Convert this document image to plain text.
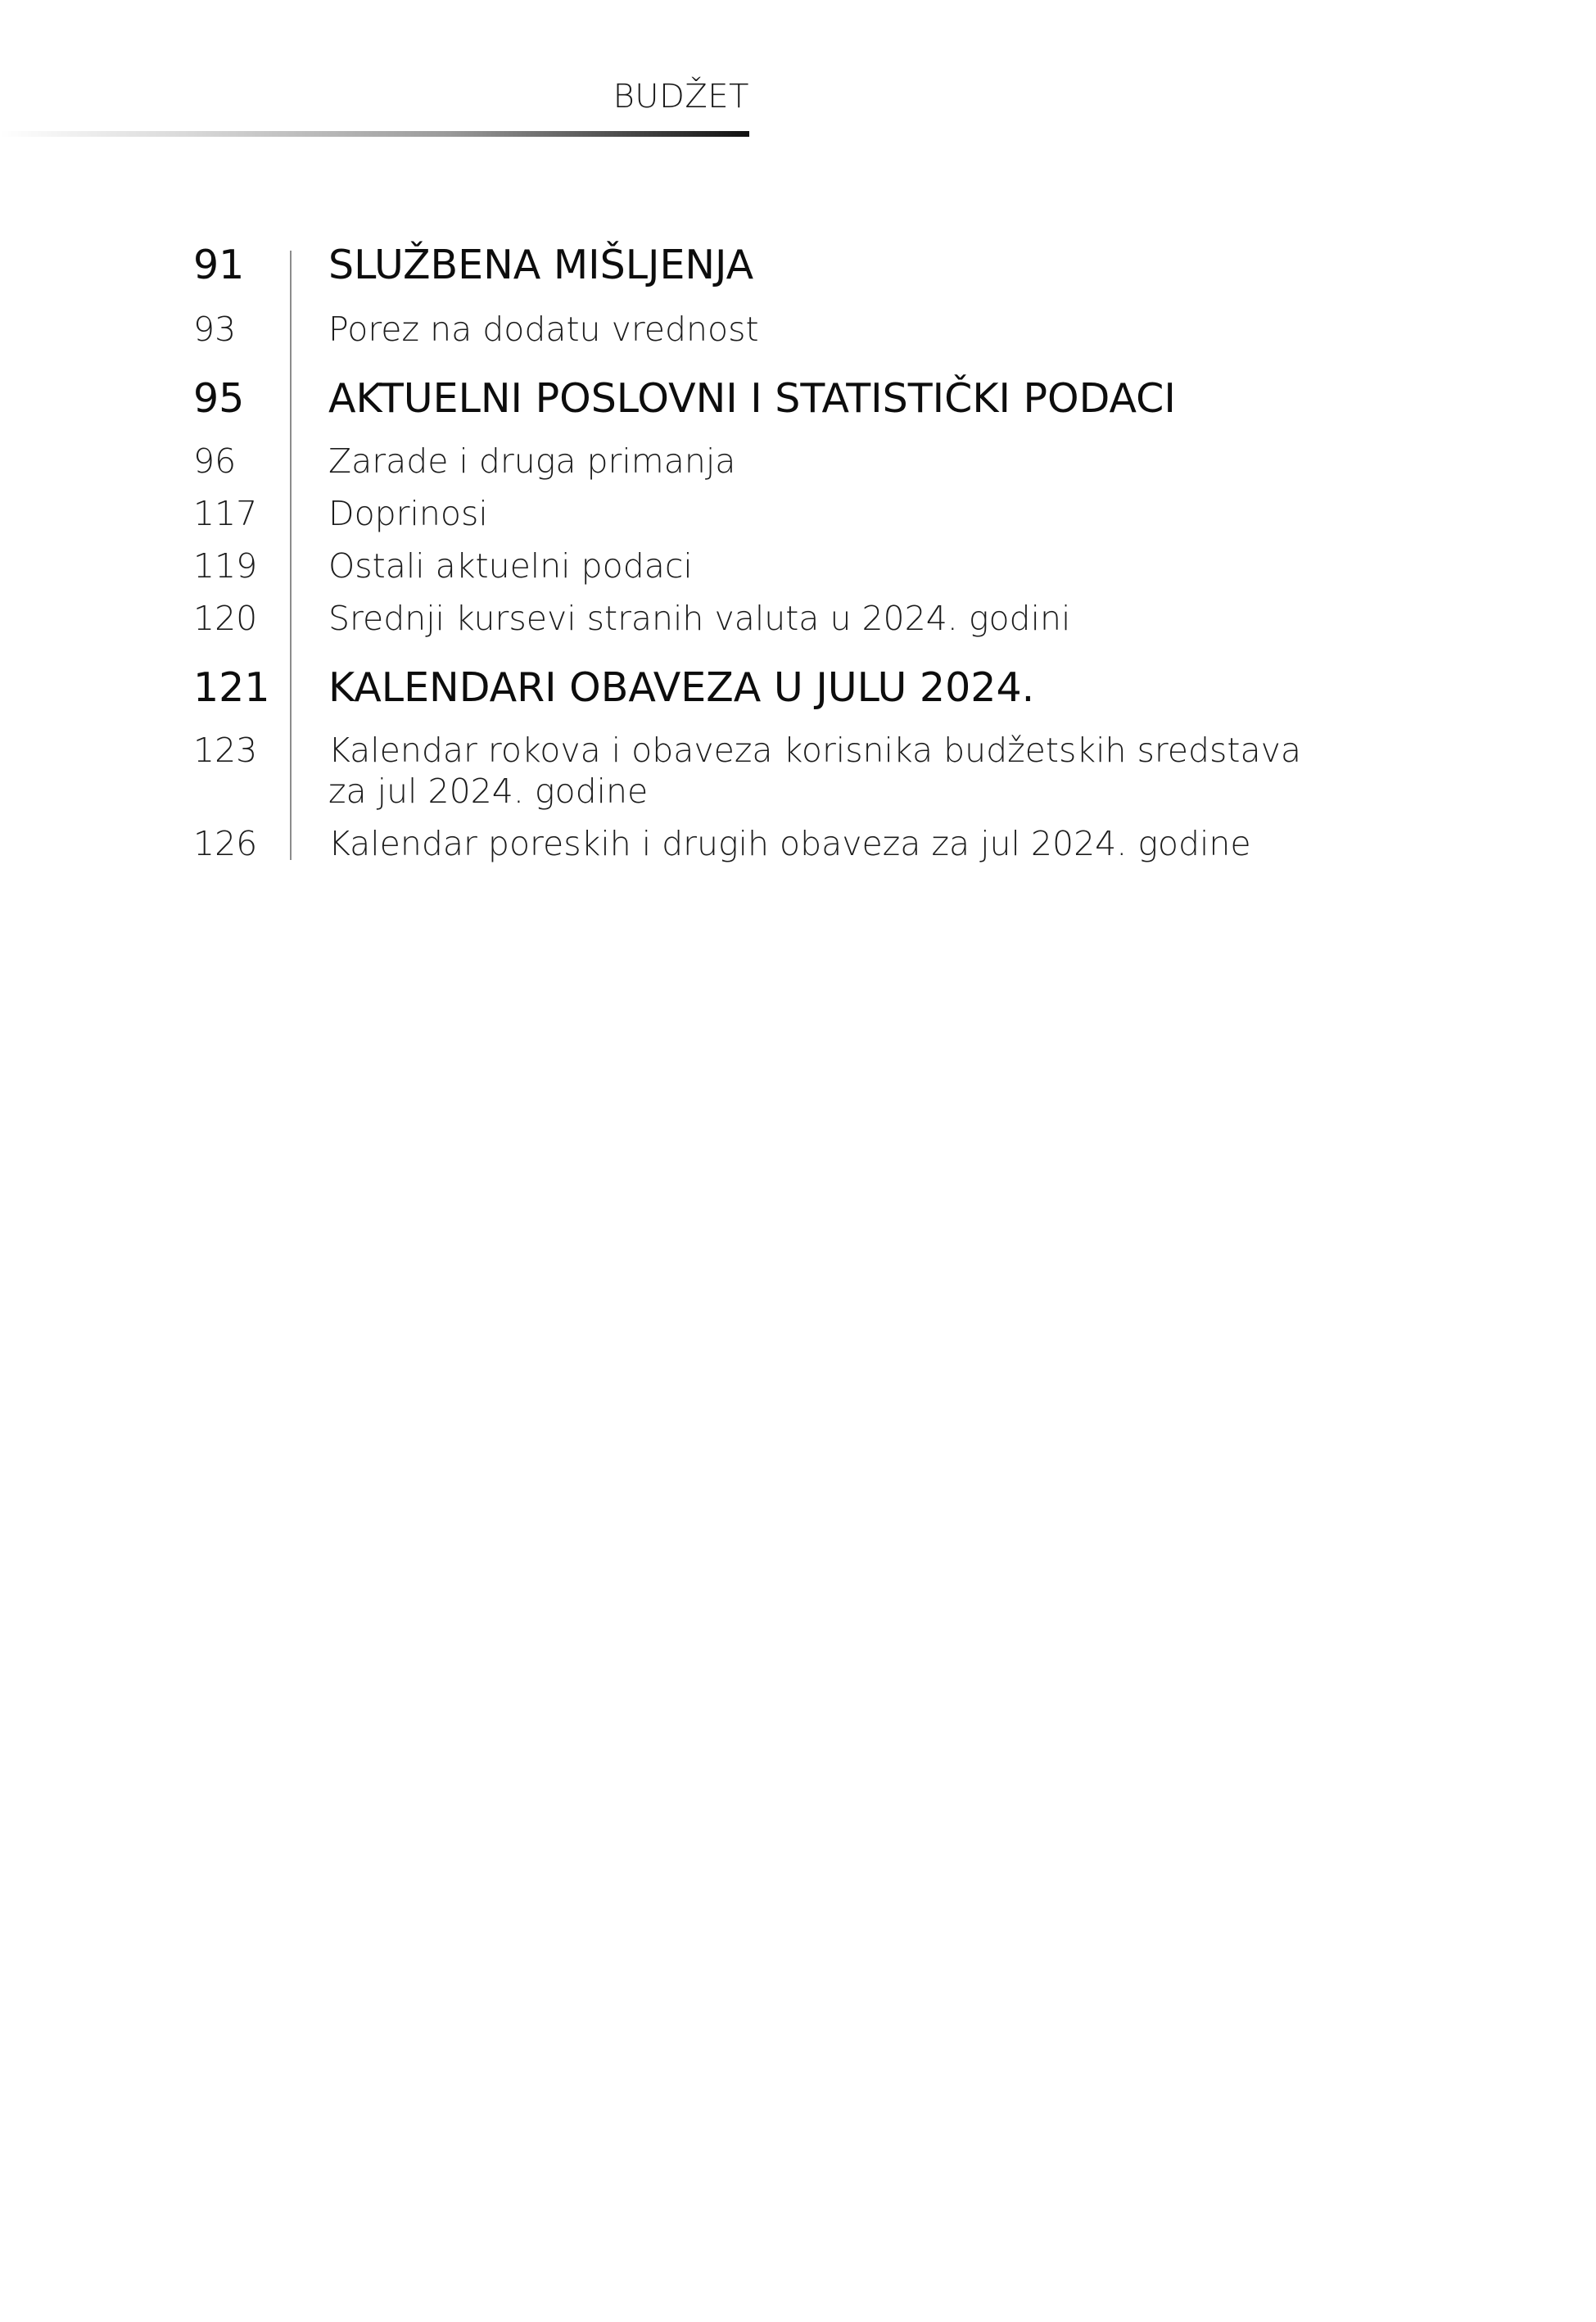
BUDŽET
91 SLUŽBENA MIŠLJENJA
93	Porez na dodatu vrednost
95 AKTUELNI POSLOVNI I STATISTIČKI PODACI
96	Zarade i druga primanja
117 Doprinosi
119 Ostali aktuelni podaci
120 Srednji kursevi stranih valuta u 2024. godini
121 KALENDARI OBAVEZA U JULU 2024.
123 Kalendar rokova i obaveza korisnika budžetskih sredstava
za jul 2024. godine
126 Kalendar poreskih i drugih obaveza za jul 2024. godine
